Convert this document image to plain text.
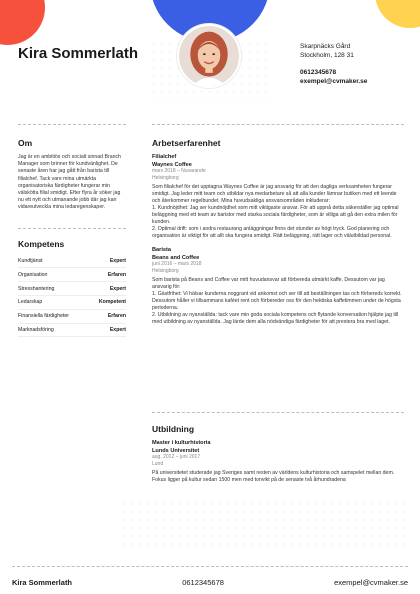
Kira Sommerlath	Skarpnäcks Gård
Stockholm, 128 31
0612345678
exempel@cvmaker.se
Om
Jag är en ambitiös och socialt sinnad Branch Manager som brinner för kundvänlighet. De senaste åren har jag gått från barista till filialchef. Tack vare mina utmärkta organisatoriska färdigheter fungerar min välskötta filial smidigt. Efter flyra år söker jag nu ett nytt och utmanande jobb där jag kan vidareutveckla mina ledaregenskaper.
Kompetens
Kundtjänst	Expert
Organisation	Erfaren
Stresshantering	Expert
Ledarskap	Kompetent
Finansiella färdigheter	Erfaren
Marknadsföring	Expert
Arbetserfarenhet
Filialchef
Waynes Coffee
mars 2018 – Nuvarande
Helsingborg
Som filialchef för det upptagna Waynes Coffee är jag ansvarig för att den dagliga verksamheten fungerar smidigt. Jag leder mitt team och utbildar nya medarbetare så att alla kunder lämnar butiken med ett leende och återkommer regelbundet. Mina huvudsakliga ansvarsområden inkluderar:
1. Kundnöjdhet: Jag ser kundnöjdhet som mitt viktigaste ansvar. För att uppnå detta säkerställer jag optimal beläggning med ett team av baristor med starka sociala färdigheter, som är villiga att gå den extra milen för kunden.
2. Optimal drift: som i andra restaurang anläggningar finns det stunder av högt tryck. God planering och organisation är viktigt för att allt ska fungera smidigt. Rätt beläggning, rätt lager och välutbildad personal.
Barista
Beans and Coffee
juni 2016 – mars 2018
Helsingborg
Som barista på Beans and Coffee var mitt huvudansvar att förbereda utmärkt kaffe. Dessutom var jag ansvarig för:
1. Gästfrihet: Vi hälsar kunderna noggrant vid ankomst och ser till att beställningen tas och förbereds korrekt. Dessutom håller vi tillsammans kaféet rent och förbereder oss för den hektiska kaffetimmen under de högsta perioderna.
2. Utbildning av nyanställda: tack vare min goda sociala kompetens och flytande konversation hjälpte jag till med utbildning av nyanställda. Jag lärde dem alla nödvändiga färdigheter för att prestera bra med laget.
Utbildning
Master i kulturhistoria
Lunds Universitet
aug. 2012 – juni 2017
Lund
På universitetet studerade jag Sveriges samt resten av världens kulturhistoria och samspelet mellan dem. Fokus ligger på kultur sedan 1500 men med tonvikt på de senaste två århundradena
Kira Sommerlath	0612345678	exempel@cvmaker.se
